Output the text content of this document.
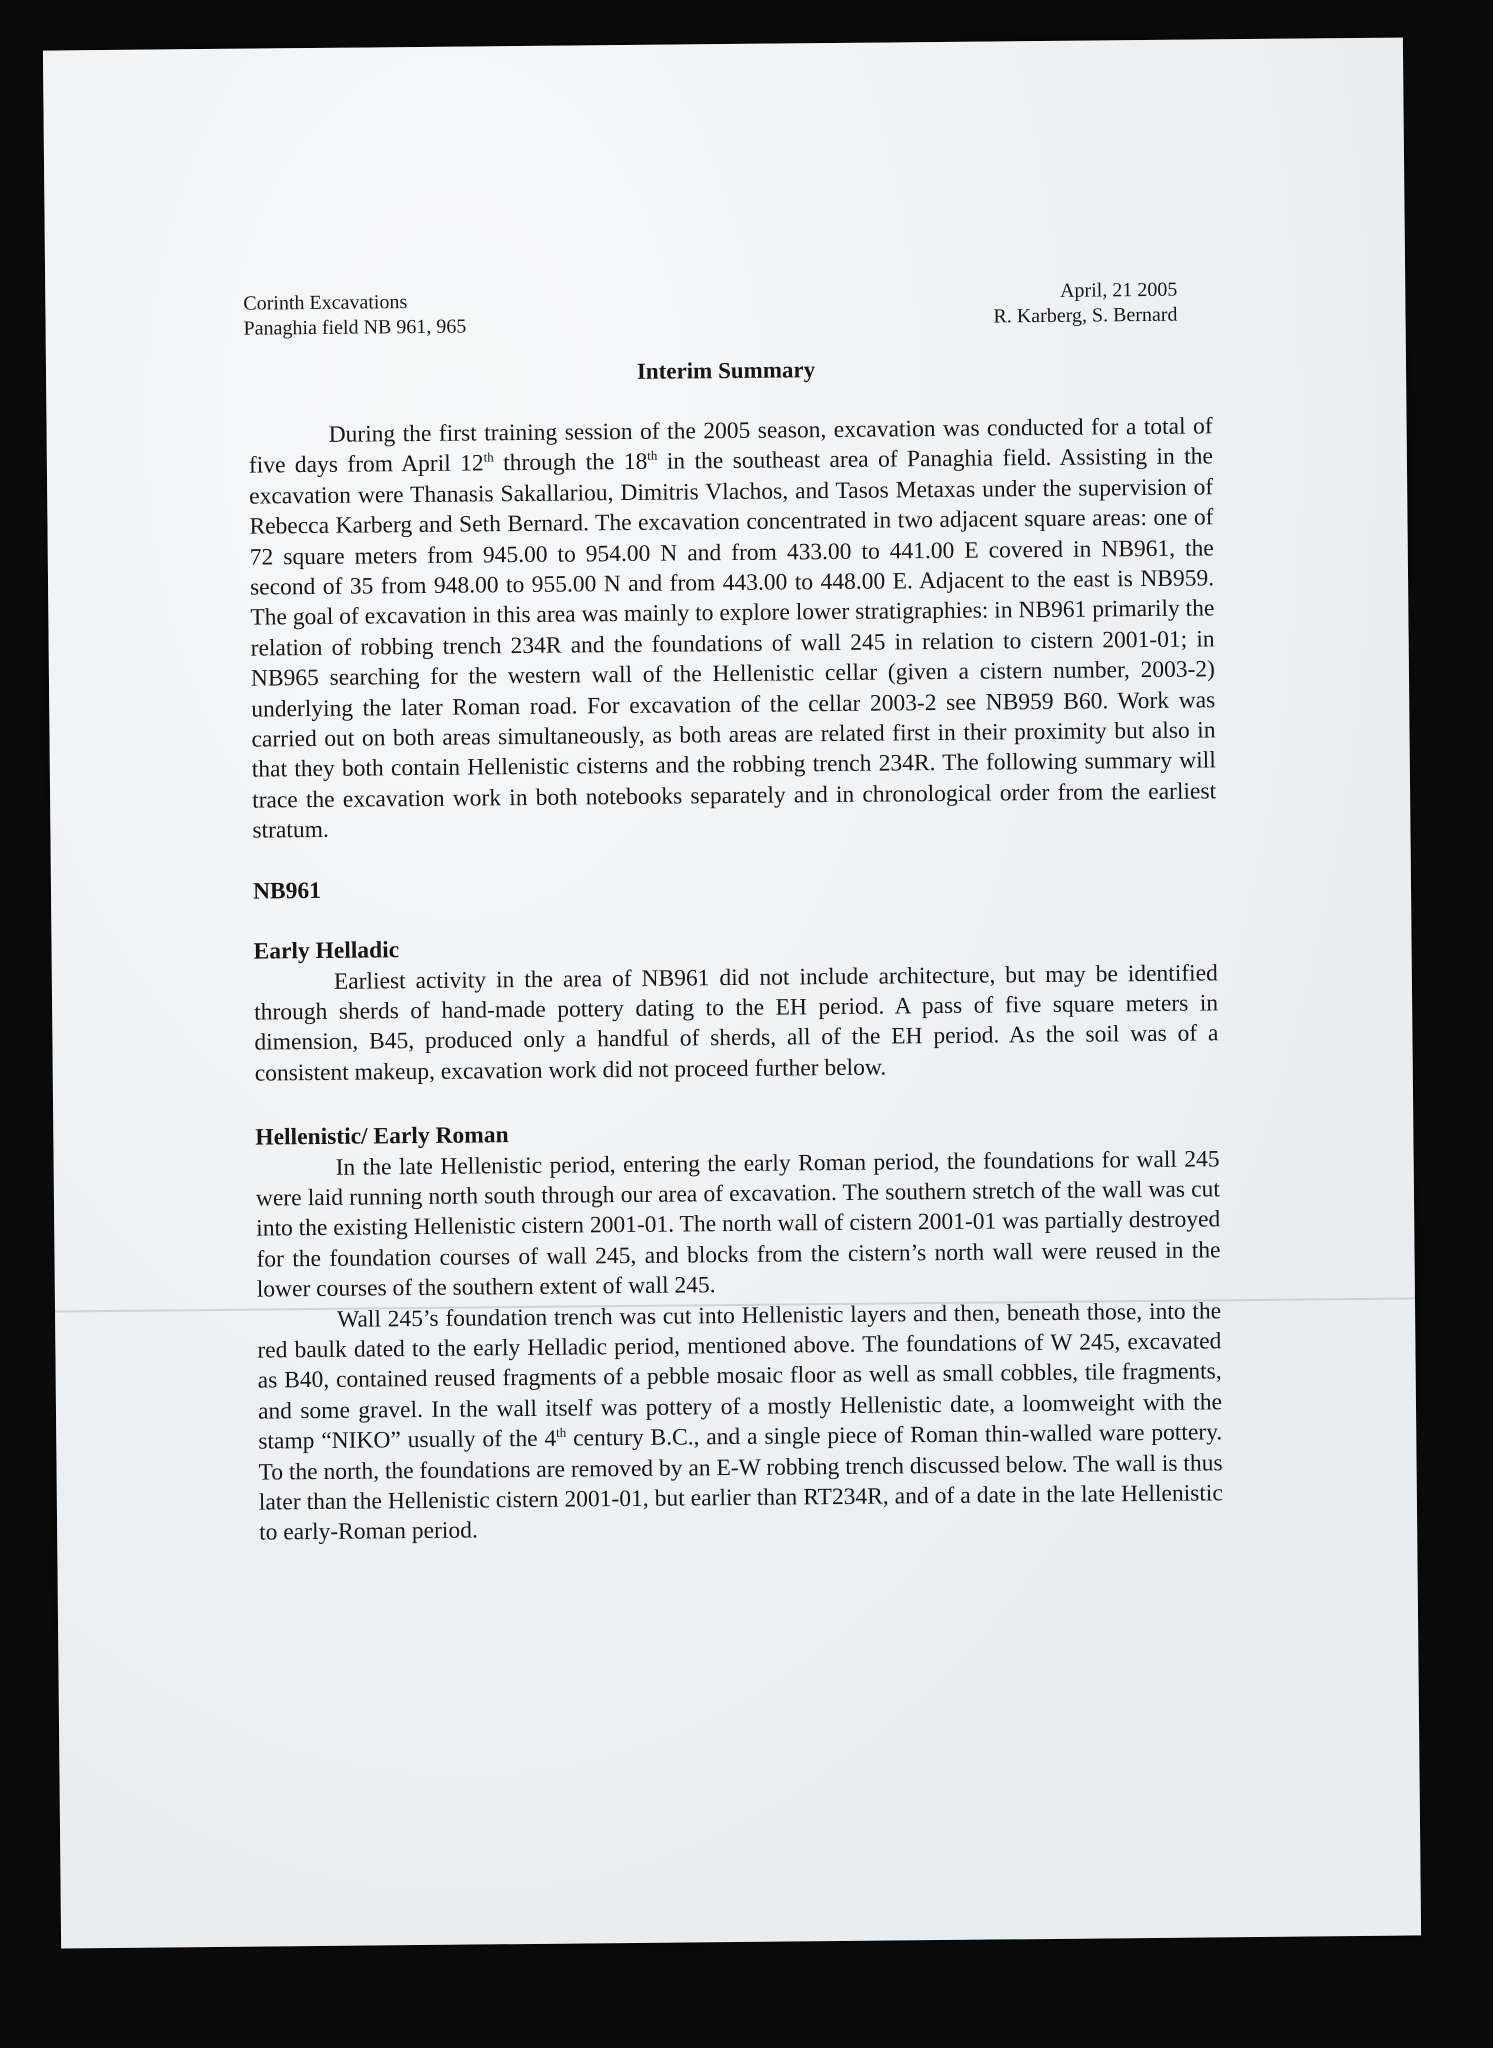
Corinth Excavations
Panaghia field NB 961, 965
April, 21 2005
R. Karberg, S. Bernard
Interim Summary

During the first training session of the 2005 season, excavation was conducted for a total of five days from April 12th through the 18th in the southeast area of Panaghia field. Assisting in the excavation were Thanasis Sakallariou, Dimitris Vlachos, and Tasos Metaxas under the supervision of Rebecca Karberg and Seth Bernard. The excavation concentrated in two adjacent square areas: one of 72 square meters from 945.00 to 954.00 N and from 433.00 to 441.00 E covered in NB961, the second of 35 from 948.00 to 955.00 N and from 443.00 to 448.00 E. Adjacent to the east is NB959. The goal of excavation in this area was mainly to explore lower stratigraphies: in NB961 primarily the relation of robbing trench 234R and the foundations of wall 245 in relation to cistern 2001-01; in NB965 searching for the western wall of the Hellenistic cellar (given a cistern number, 2003-2) underlying the later Roman road. For excavation of the cellar 2003-2 see NB959 B60. Work was carried out on both areas simultaneously, as both areas are related first in their proximity but also in that they both contain Hellenistic cisterns and the robbing trench 234R. The following summary will trace the excavation work in both notebooks separately and in chronological order from the earliest stratum.

NB961

Early Helladic

Earliest activity in the area of NB961 did not include architecture, but may be identified through sherds of hand-made pottery dating to the EH period. A pass of five square meters in dimension, B45, produced only a handful of sherds, all of the EH period. As the soil was of a consistent makeup, excavation work did not proceed further below.

Hellenistic/ Early Roman

In the late Hellenistic period, entering the early Roman period, the foundations for wall 245 were laid running north south through our area of excavation. The southern stretch of the wall was cut into the existing Hellenistic cistern 2001-01. The north wall of cistern 2001-01 was partially destroyed for the foundation courses of wall 245, and blocks from the cistern’s north wall were reused in the lower courses of the southern extent of wall 245.

Wall 245’s foundation trench was cut into Hellenistic layers and then, beneath those, into the red baulk dated to the early Helladic period, mentioned above. The foundations of W 245, excavated as B40, contained reused fragments of a pebble mosaic floor as well as small cobbles, tile fragments, and some gravel. In the wall itself was pottery of a mostly Hellenistic date, a loomweight with the stamp “NIKO” usually of the 4th century B.C., and a single piece of Roman thin-walled ware pottery. To the north, the foundations are removed by an E-W robbing trench discussed below. The wall is thus later than the Hellenistic cistern 2001-01, but earlier than RT234R, and of a date in the late Hellenistic to early-Roman period.
